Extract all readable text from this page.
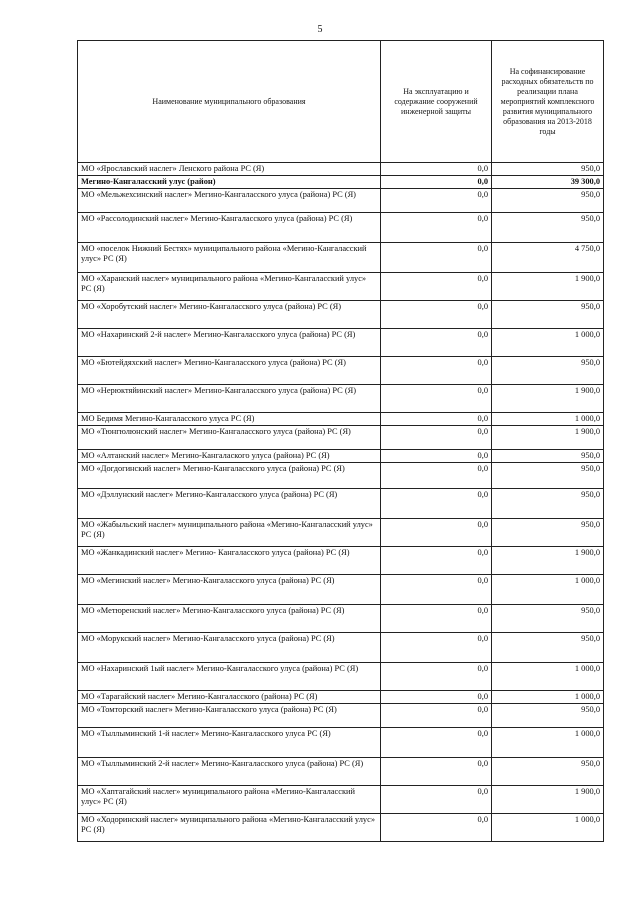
5
Наименование муниципального образования	На эксплуатацию и содержание сооружений инженерной защиты	На софинансирование расходных обязательств по реализации плана мероприятий комплексного развития муниципального образования на 2013-2018 годы
МО «Ярославский наслег» Ленского района РС (Я)	0,0	950,0
Мегино-Кангаласский улус (район)	0,0	39 300,0
МО «Мельжехсинский наслег» Мегино-Кангаласского улуса (района) РС (Я)	0,0	950,0
МО «Рассолодинский наслег» Мегино-Кангаласского улуса (района) РС (Я)	0,0	950,0
МО «поселок Нижний Бестях» муниципального района «Мегино-Кангаласский улус» РС (Я)	0,0	4 750,0
МО «Харанский наслег» муниципального района «Мегино-Кангаласский улус» РС (Я)	0,0	1 900,0
МО «Хоробутский наслег» Мегино-Кангаласского улуса (района) РС (Я)	0,0	950,0
МО «Нахаринский 2-й наслег» Мегино-Кангаласского улуса (района) РС (Я)	0,0	1 000,0
МО «Бютейдяхский наслег» Мегино-Кангаласского улуса (района) РС (Я)	0,0	950,0
МО «Нерюктяйинский наслег» Мегино-Кангаласского улуса (района) РС (Я)	0,0	1 900,0
МО Бедимя Мегино-Кангаласского улуса РС (Я)	0,0	1 000,0
МО «Тюнгюлюнский наслег» Мегино-Кангаласского улуса (района) РС (Я)	0,0	1 900,0
МО «Алтанский наслег» Мегино-Кангалаского улуса (района) РС (Я)	0,0	950,0
МО «Догдогинский наслег» Мегино-Кангаласского улуса (района) РС (Я)	0,0	950,0
МО «Дэллунский наслег» Мегино-Кангаласского улуса (района) РС (Я)	0,0	950,0
МО «Жабыльский наслег» муниципального района «Мегино-Кангаласский улус» РС (Я)	0,0	950,0
МО «Жанкадинский наслег» Мегино- Кангаласского улуса (района) РС (Я)	0,0	1 900,0
МО «Мегинский наслег» Мегино-Кангаласского улуса (района) РС (Я)	0,0	1 000,0
МО «Метюренский наслег» Мегино-Кангаласского улуса (района) РС (Я)	0,0	950,0
МО «Морукский наслег» Мегино-Кангаласского улуса (района) РС (Я)	0,0	950,0
МО «Нахаринский 1ый наслег» Мегино-Кангаласского улуса (района) РС (Я)	0,0	1 000,0
МО «Тарагайский наслег» Мегино-Кангаласского (района) РС (Я)	0,0	1 000,0
МО «Томторский наслег» Мегино-Кангаласского улуса (района) РС (Я)	0,0	950,0
МО «Тыллыминский 1-й наслег» Мегино-Кангаласского улуса РС (Я)	0,0	1 000,0
МО «Тыллыминский 2-й наслег» Мегино-Кангаласского улуса (района) РС (Я)	0,0	950,0
МО «Хаптагайский наслег» муниципального района «Мегино-Кангаласский улус» РС (Я)	0,0	1 900,0
МО «Ходоринский наслег» муниципального района «Мегино-Кангаласский улус» РС (Я)	0,0	1 000,0
